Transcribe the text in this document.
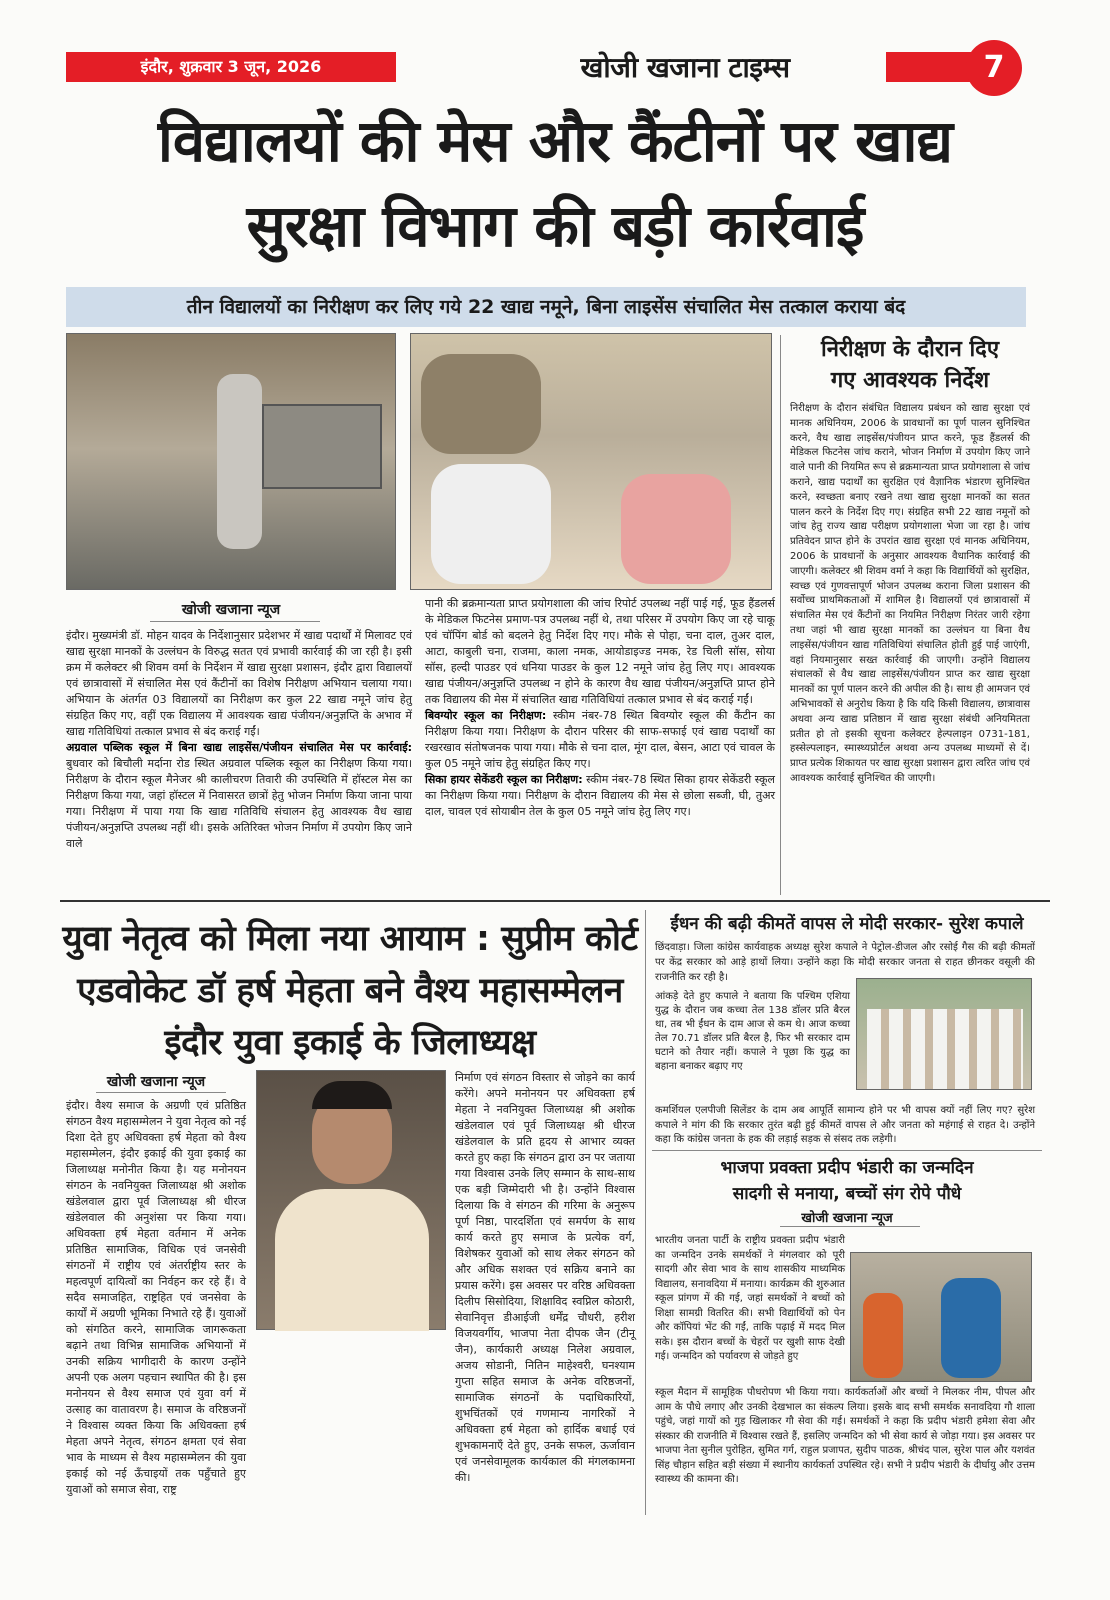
इंदौर, शुक्रवार 3 जून, 2026	खोजी खजाना टाइम्स	7
विद्यालयों की मेस और कैंटीनों पर खाद्य
सुरक्षा विभाग की बड़ी कार्रवाई
तीन विद्यालयों का निरीक्षण कर लिए गये 22 खाद्य नमूने, बिना लाइसेंस संचालित मेस तत्काल कराया बंद
निरीक्षण के दौरान दिए
गए आवश्यक निर्देश
निरीक्षण के दौरान संबंधित विद्यालय प्रबंधन को खाद्य सुरक्षा एवं मानक अधिनियम, 2006 के प्रावधानों का पूर्ण पालन सुनिश्चित करने, वैध खाद्य लाइसेंस/पंजीयन प्राप्त करने, फूड हैंडलर्स की मेडिकल फिटनेस जांच कराने, भोजन निर्माण में उपयोग किए जाने वाले पानी की नियमित रूप से ब्रक्रमान्यता प्राप्त प्रयोगशाला से जांच कराने, खाद्य पदार्थों का सुरक्षित एवं वैज्ञानिक भंडारण सुनिश्चित करने, स्वच्छता बनाए रखने तथा खाद्य सुरक्षा मानकों का सतत पालन करने के निर्देश दिए गए। संग्रहित सभी 22 खाद्य नमूनों को जांच हेतु राज्य खाद्य परीक्षण प्रयोगशाला भेजा जा रहा है। जांच प्रतिवेदन प्राप्त होने के उपरांत खाद्य सुरक्षा एवं मानक अधिनियम, 2006 के प्रावधानों के अनुसार आवश्यक वैधानिक कार्रवाई की जाएगी। कलेक्टर श्री शिवम वर्मा ने कहा कि विद्यार्थियों को सुरक्षित, स्वच्छ एवं गुणवत्तापूर्ण भोजन उपलब्ध कराना जिला प्रशासन की सर्वोच्च प्राथमिकताओं में शामिल है। विद्यालयों एवं छात्रावासों में संचालित मेस एवं कैंटीनों का नियमित निरीक्षण निरंतर जारी रहेगा तथा जहां भी खाद्य सुरक्षा मानकों का उल्लंघन या बिना वैध लाइसेंस/पंजीयन खाद्य गतिविधियां संचालित होती हुई पाई जाएंगी, वहां नियमानुसार सख्त कार्रवाई की जाएगी। उन्होंने विद्यालय संचालकों से वैध खाद्य लाइसेंस/पंजीयन प्राप्त कर खाद्य सुरक्षा मानकों का पूर्ण पालन करने की अपील की है। साथ ही आमजन एवं अभिभावकों से अनुरोध किया है कि यदि किसी विद्यालय, छात्रावास अथवा अन्य खाद्य प्रतिष्ठान में खाद्य सुरक्षा संबंधी अनियमितता प्रतीत हो तो इसकी सूचना कलेक्टर हेल्पलाइन 0731-181, हस्सेल्पलाइन, स्मास्थ्यप्रोर्टल अथवा अन्य उपलब्ध माध्यमों से दें। प्राप्त प्रत्येक शिकायत पर खाद्य सुरक्षा प्रशासन द्वारा त्वरित जांच एवं आवश्यक कार्रवाई सुनिश्चित की जाएगी।
खोजी खजाना न्यूज
इंदौर। मुख्यमंत्री डॉ. मोहन यादव के निर्देशानुसार प्रदेशभर में खाद्य पदार्थों में मिलावट एवं खाद्य सुरक्षा मानकों के उल्लंघन के विरुद्ध सतत एवं प्रभावी कार्रवाई की जा रही है। इसी क्रम में कलेक्टर श्री शिवम वर्मा के निर्देशन में खाद्य सुरक्षा प्रशासन, इंदौर द्वारा विद्यालयों एवं छात्रावासों में संचालित मेस एवं कैंटीनों का विशेष निरीक्षण अभियान चलाया गया। अभियान के अंतर्गत 03 विद्यालयों का निरीक्षण कर कुल 22 खाद्य नमूने जांच हेतु संग्रहित किए गए, वहीं एक विद्यालय में आवश्यक खाद्य पंजीयन/अनुज्ञप्ति के अभाव में खाद्य गतिविधियां तत्काल प्रभाव से बंद कराई गईं।
अग्रवाल पब्लिक स्कूल में बिना खाद्य लाइसेंस/पंजीयन संचालित मेस पर कार्रवाई: बुधवार को बिचौली मर्दाना रोड स्थित अग्रवाल पब्लिक स्कूल का निरीक्षण किया गया। निरीक्षण के दौरान स्कूल मैनेजर श्री कालीचरण तिवारी की उपस्थिति में हॉस्टल मेस का निरीक्षण किया गया, जहां हॉस्टल में निवासरत छात्रों हेतु भोजन निर्माण किया जाना पाया गया। निरीक्षण में पाया गया कि खाद्य गतिविधि संचालन हेतु आवश्यक वैध खाद्य पंजीयन/अनुज्ञप्ति उपलब्ध नहीं थी। इसके अतिरिक्त भोजन निर्माण में उपयोग किए जाने वाले
पानी की ब्रक्रमान्यता प्राप्त प्रयोगशाला की जांच रिपोर्ट उपलब्ध नहीं पाई गई, फूड हैंडलर्स के मेडिकल फिटनेस प्रमाण-पत्र उपलब्ध नहीं थे, तथा परिसर में उपयोग किए जा रहे चाकू एवं चॉपिंग बोर्ड को बदलने हेतु निर्देश दिए गए। मौके से पोहा, चना दाल, तुअर दाल, आटा, काबुली चना, राजमा, काला नमक, आयोडाइज्ड नमक, रेड चिली सॉस, सोया सॉस, हल्दी पाउडर एवं धनिया पाउडर के कुल 12 नमूने जांच हेतु लिए गए। आवश्यक खाद्य पंजीयन/अनुज्ञप्ति उपलब्ध न होने के कारण वैध खाद्य पंजीयन/अनुज्ञप्ति प्राप्त होने तक विद्यालय की मेस में संचालित खाद्य गतिविधियां तत्काल प्रभाव से बंद कराई गईं।
बिवग्योर स्कूल का निरीक्षण: स्कीम नंबर-78 स्थित बिवग्योर स्कूल की कैंटीन का निरीक्षण किया गया। निरीक्षण के दौरान परिसर की साफ-सफाई एवं खाद्य पदार्थों का रखरखाव संतोषजनक पाया गया। मौके से चना दाल, मूंग दाल, बेसन, आटा एवं चावल के कुल 05 नमूने जांच हेतु संग्रहित किए गए।
सिका हायर सेकेंडरी स्कूल का निरीक्षण: स्कीम नंबर-78 स्थित सिका हायर सेकेंडरी स्कूल का निरीक्षण किया गया। निरीक्षण के दौरान विद्यालय की मेस से छोला सब्जी, घी, तुअर दाल, चावल एवं सोयाबीन तेल के कुल 05 नमूने जांच हेतु लिए गए।
युवा नेतृत्व को मिला नया आयाम : सुप्रीम कोर्ट
एडवोकेट डॉ हर्ष मेहता बने वैश्य महासम्मेलन
इंदौर युवा इकाई के जिलाध्यक्ष
खोजी खजाना न्यूज
इंदौर। वैश्य समाज के अग्रणी एवं प्रतिष्ठित संगठन वैश्य महासम्मेलन ने युवा नेतृत्व को नई दिशा देते हुए अधिवक्ता हर्ष मेहता को वैश्य महासम्मेलन, इंदौर इकाई की युवा इकाई का जिलाध्यक्ष मनोनीत किया है। यह मनोनयन संगठन के नवनियुक्त जिलाध्यक्ष श्री अशोक खंडेलवाल द्वारा पूर्व जिलाध्यक्ष श्री धीरज खंडेलवाल की अनुशंसा पर किया गया। अधिवक्ता हर्ष मेहता वर्तमान में अनेक प्रतिष्ठित सामाजिक, विधिक एवं जनसेवी संगठनों में राष्ट्रीय एवं अंतर्राष्ट्रीय स्तर के महत्वपूर्ण दायित्वों का निर्वहन कर रहे हैं। वे सदैव समाजहित, राष्ट्रहित एवं जनसेवा के कार्यों में अग्रणी भूमिका निभाते रहे हैं। युवाओं को संगठित करने, सामाजिक जागरूकता बढ़ाने तथा विभिन्न सामाजिक अभियानों में उनकी सक्रिय भागीदारी के कारण उन्होंने अपनी एक अलग पहचान स्थापित की है। इस मनोनयन से वैश्य समाज एवं युवा वर्ग में उत्साह का वातावरण है। समाज के वरिष्ठजनों ने विश्वास व्यक्त किया कि अधिवक्ता हर्ष मेहता अपने नेतृत्व, संगठन क्षमता एवं सेवा भाव के माध्यम से वैश्य महासम्मेलन की युवा इकाई को नई ऊँचाइयों तक पहुँचाते हुए युवाओं को समाज सेवा, राष्ट्र
निर्माण एवं संगठन विस्तार से जोड़ने का कार्य करेंगे। अपने मनोनयन पर अधिवक्ता हर्ष मेहता ने नवनियुक्त जिलाध्यक्ष श्री अशोक खंडेलवाल एवं पूर्व जिलाध्यक्ष श्री धीरज खंडेलवाल के प्रति हृदय से आभार व्यक्त करते हुए कहा कि संगठन द्वारा उन पर जताया गया विश्वास उनके लिए सम्मान के साथ-साथ एक बड़ी जिम्मेदारी भी है। उन्होंने विश्वास दिलाया कि वे संगठन की गरिमा के अनुरूप पूर्ण निष्ठा, पारदर्शिता एवं समर्पण के साथ कार्य करते हुए समाज के प्रत्येक वर्ग, विशेषकर युवाओं को साथ लेकर संगठन को और अधिक सशक्त एवं सक्रिय बनाने का प्रयास करेंगे। इस अवसर पर वरिष्ठ अधिवक्ता दिलीप सिसोदिया, शिक्षाविद स्वप्निल कोठारी, सेवानिवृत्त डीआईजी धर्मेंद्र चौधरी, हरीश विजयवर्गीय, भाजपा नेता दीपक जैन (टीनू जैन), कार्यकारी अध्यक्ष निलेश अग्रवाल, अजय सोडानी, नितिन माहेश्वरी, घनश्याम गुप्ता सहित समाज के अनेक वरिष्ठजनों, सामाजिक संगठनों के पदाधिकारियों, शुभचिंतकों एवं गणमान्य नागरिकों ने अधिवक्ता हर्ष मेहता को हार्दिक बधाई एवं शुभकामनाएँ देते हुए, उनके सफल, ऊर्जावान एवं जनसेवामूलक कार्यकाल की मंगलकामना की।
ईंधन की बढ़ी कीमतें वापस ले मोदी सरकार- सुरेश कपाले
छिंदवाड़ा। जिला कांग्रेस कार्यवाहक अध्यक्ष सुरेश कपाले ने पेट्रोल-डीजल और रसोई गैस की बढ़ी कीमतों पर केंद्र सरकार को आड़े हाथों लिया। उन्होंने कहा कि मोदी सरकार जनता से राहत छीनकर वसूली की राजनीति कर रही है।
आंकड़े देते हुए कपाले ने बताया कि पश्चिम एशिया युद्ध के दौरान जब कच्चा तेल 138 डॉलर प्रति बैरल था, तब भी ईंधन के दाम आज से कम थे। आज कच्चा तेल 70.71 डॉलर प्रति बैरल है, फिर भी सरकार दाम घटाने को तैयार नहीं। कपाले ने पूछा कि युद्ध का बहाना बनाकर बढ़ाए गए
कमर्शियल एलपीजी सिलेंडर के दाम अब आपूर्ति सामान्य होने पर भी वापस क्यों नहीं लिए गए? सुरेश कपाले ने मांग की कि सरकार तुरंत बढ़ी हुई कीमतें वापस ले और जनता को महंगाई से राहत दे। उन्होंने कहा कि कांग्रेस जनता के हक की लड़ाई सड़क से संसद तक लड़ेगी।
भाजपा प्रवक्ता प्रदीप भंडारी का जन्मदिन
सादगी से मनाया, बच्चों संग रोपे पौधे
खोजी खजाना न्यूज
भारतीय जनता पार्टी के राष्ट्रीय प्रवक्ता प्रदीप भंडारी का जन्मदिन उनके समर्थकों ने मंगलवार को पूरी सादगी और सेवा भाव के साथ शासकीय माध्यमिक विद्यालय, सनावदिया में मनाया। कार्यक्रम की शुरुआत स्कूल प्रांगण में की गई, जहां समर्थकों ने बच्चों को शिक्षा सामग्री वितरित की। सभी विद्यार्थियों को पेन और कॉपियां भेंट की गईं, ताकि पढ़ाई में मदद मिल सके। इस दौरान बच्चों के चेहरों पर खुशी साफ देखी गई। जन्मदिन को पर्यावरण से जोड़ते हुए
स्कूल मैदान में सामूहिक पौधरोपण भी किया गया। कार्यकर्ताओं और बच्चों ने मिलकर नीम, पीपल और आम के पौधे लगाए और उनकी देखभाल का संकल्प लिया। इसके बाद सभी समर्थक सनावदिया गौ शाला पहुंचे, जहां गायों को गुड़ खिलाकर गौ सेवा की गई। समर्थकों ने कहा कि प्रदीप भंडारी हमेशा सेवा और संस्कार की राजनीति में विश्वास रखते हैं, इसलिए जन्मदिन को भी सेवा कार्य से जोड़ा गया। इस अवसर पर भाजपा नेता सुनील पुरोहित, सुमित गर्ग, राहुल प्रजापत, सुदीप पाठक, श्रीचंद पाल, सुरेश पाल और यशवंत सिंह चौहान सहित बड़ी संख्या में स्थानीय कार्यकर्ता उपस्थित रहे। सभी ने प्रदीप भंडारी के दीर्घायु और उत्तम स्वास्थ्य की कामना की।
